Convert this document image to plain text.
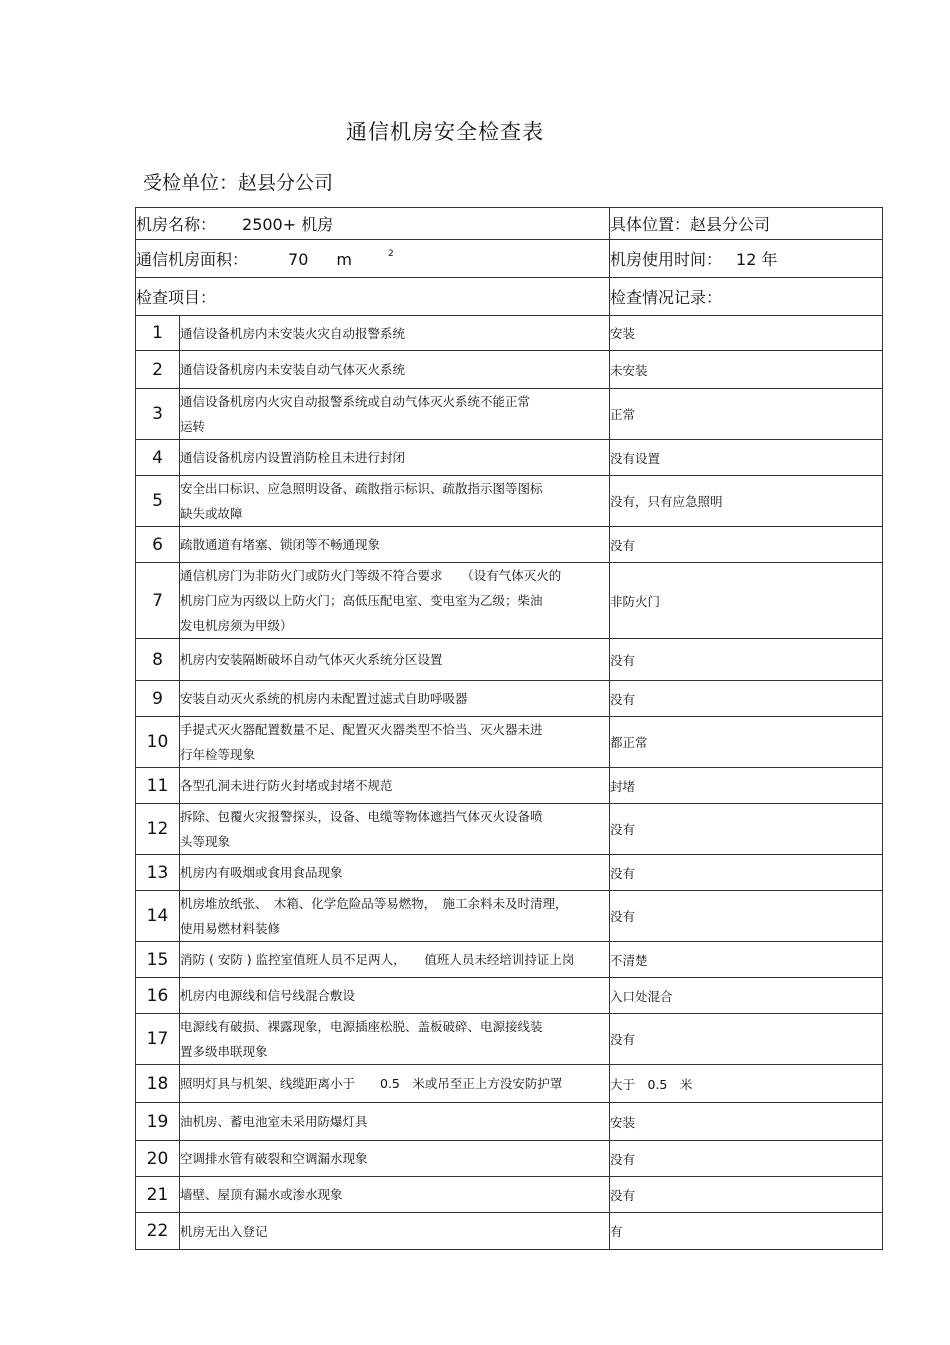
通信机房安全检查表
受检单位：赵县分公司
机房名称： 2500+ 机房		具体位置：赵县分公司
通信机房面积： 70 m $^2$		机房使用时间： 12 年
检查项目：		检查情况记录：
1	通信设备机房内未安装火灾自动报警系统	安装
2	通信设备机房内未安装自动气体灭火系统	未安装
3	通信设备机房内火灾自动报警系统或自动气体灭火系统不能正常
运转	正常
4	通信设备机房内设置消防栓且未进行封闭	没有设置
5	安全出口标识、应急照明设备、疏散指示标识、疏散指示图等图标
缺失或故障	没有，只有应急照明
6	疏散通道有堵塞、锁闭等不畅通现象	没有
7	通信机房门为非防火门或防火门等级不符合要求　　（设有气体灭火的
机房门应为丙级以上防火门；高低压配电室、变电室为乙级；柴油
发电机房须为甲级）	非防火门
8	机房内安装隔断破坏自动气体灭火系统分区设置	没有
9	安装自动灭火系统的机房内未配置过滤式自助呼吸器	没有
10	手提式灭火器配置数量不足、配置灭火器类型不恰当、灭火器未进
行年检等现象	都正常
11	各型孔洞未进行防火封堵或封堵不规范	封堵
12	拆除、包覆火灾报警探头，设备、电缆等物体遮挡气体灭火设备喷
头等现象	没有
13	机房内有吸烟或食用食品现象	没有
14	机房堆放纸张、　木箱、化学危险品等易燃物，　施工余料未及时清理，
使用易燃材料装修	没有
15	消防 ( 安防 ) 监控室值班人员不足两人，　　值班人员未经培训持证上岗	不清楚
16	机房内电源线和信号线混合敷设	入口处混合
17	电源线有破损、裸露现象，电源插座松脱、盖板破碎、电源接线装
置多级串联现象	没有
18	照明灯具与机架、线缆距离小于　　0.5　米或吊至正上方没安防护罩	大于　0.5　米
19	油机房、蓄电池室未采用防爆灯具	安装
20	空调排水管有破裂和空调漏水现象	没有
21	墙壁、屋顶有漏水或渗水现象	没有
22	机房无出入登记	有
